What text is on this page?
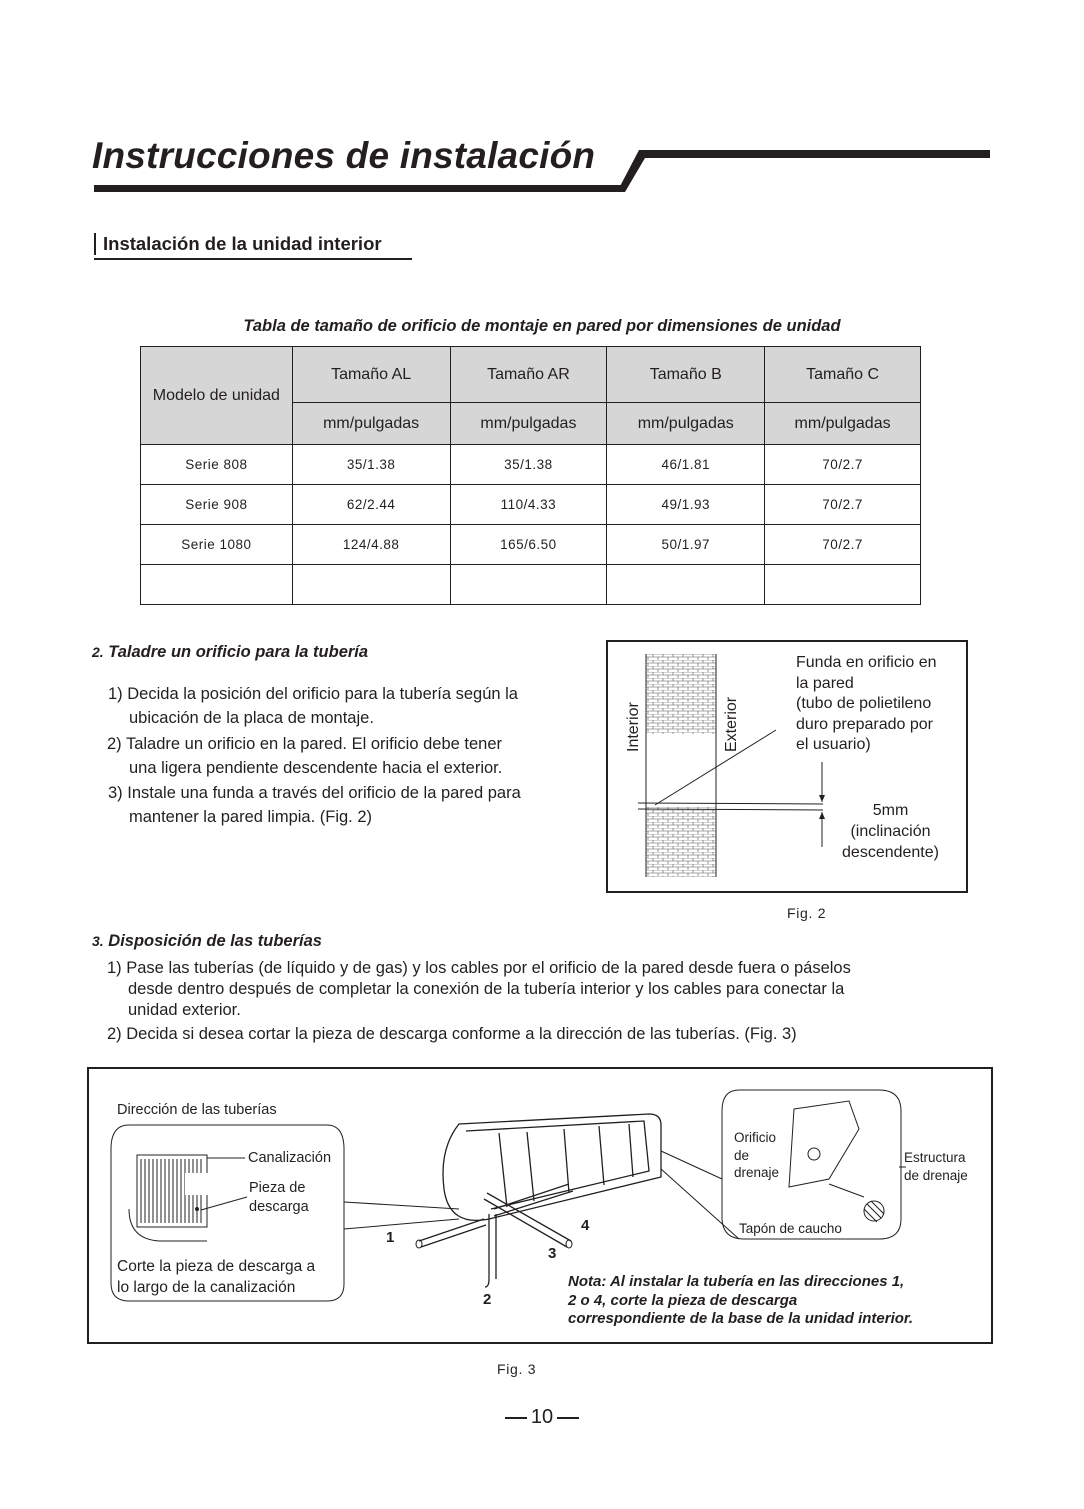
Instrucciones de instalación
Instalación de la unidad interior
Tabla de tamaño de orificio de montaje en pared por dimensiones de unidad
Modelo de unidad	Tamaño AL	Tamaño AR	Tamaño B	Tamaño C
	mm/pulgadas	mm/pulgadas	mm/pulgadas	mm/pulgadas
Serie 808	35/1.38	35/1.38	46/1.81	70/2.7
Serie 908	62/2.44	110/4.33	49/1.93	70/2.7
Serie 1080	124/4.88	165/6.50	50/1.97	70/2.7

2. Taladre un orificio para la tubería
1) Decida la posición del orificio para la tubería según la
ubicación de la placa de montaje.
2) Taladre un orificio en la pared. El orificio debe tener
una ligera pendiente descendente hacia el exterior.
3) Instale una funda a través del orificio de la pared para
mantener la pared limpia. (Fig. 2)
Interior	Exterior
Funda en orificio en
la pared
(tubo de polietileno
duro preparado por
el usuario)
5mm
(inclinación
descendente)
Fig. 2
3. Disposición de las tuberías
1) Pase las tuberías (de líquido y de gas) y los cables por el orificio de la pared desde fuera o páselos
desde dentro después de completar la conexión de la tubería interior y los cables para conectar la
unidad exterior.
2) Decida si desea cortar la pieza de descarga conforme a la dirección de las tuberías. (Fig. 3)
Dirección de las tuberías
Canalización
Pieza de
descarga
Corte la pieza de descarga a
lo largo de la canalización
Orificio
de
drenaje
Estructura
de drenaje
Tapón de caucho
1
2
3
4
Nota: Al instalar la tubería en las direcciones 1,
2 o 4, corte la pieza de descarga
correspondiente de la base de la unidad interior.
Fig. 3
10
